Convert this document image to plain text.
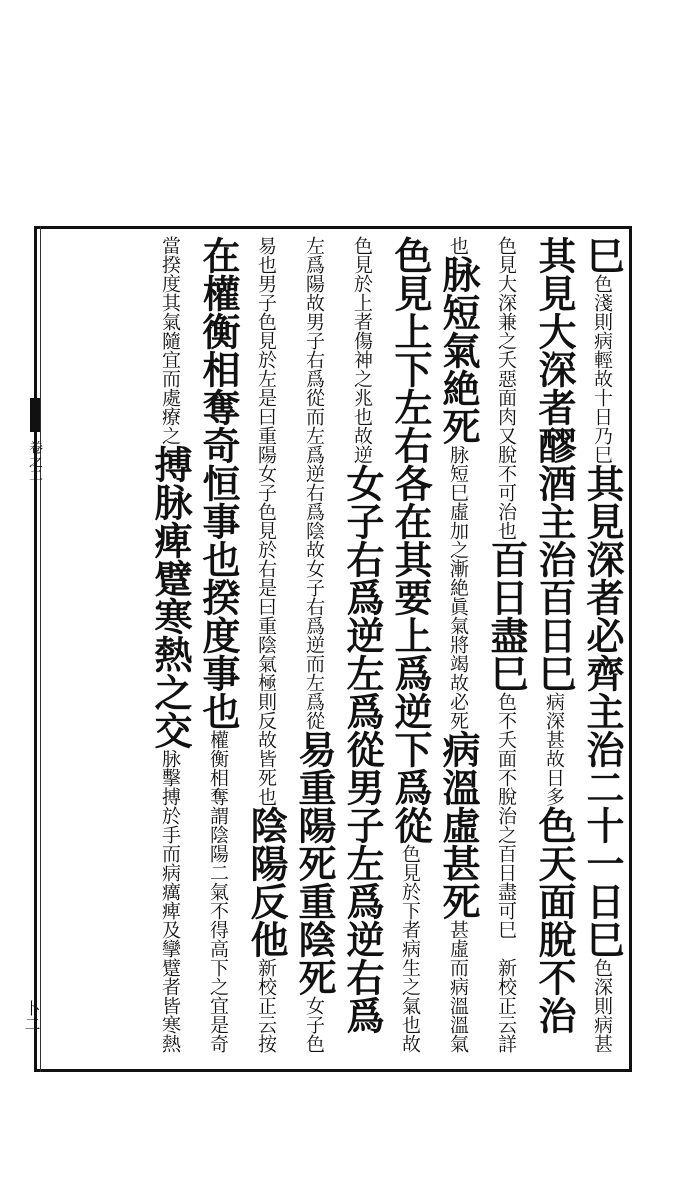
卷之二
卜二
巳色淺則病輕故十日乃巳其見深者必齊主治二十一日巳色深則病甚
其見大深者醪酒主治百日巳病深甚故日多色天面脫不治
色見大深兼之夭惡面肉又脫不可治也百日盡巳色不夭面不脫治之百日盡可巳　新校正云詳
也脉短氣絶死脉短巳虛加之漸絶眞氣將竭故必死病溫虛甚死甚虛而病溫溫氣
色見上下左右各在其要上爲逆下爲從色見於下者病生之氣也故
色見於上者傷神之兆也故逆女子右爲逆左爲從男子左爲逆右爲
左爲陽故男子右爲從而左爲逆右爲陰故女子右爲逆而左爲從易重陽死重陰死女子色
易也男子色見於左是曰重陽女子色見於右是曰重陰氣極則反故皆死也陰陽反他新校正云按
在權衡相奪奇恒事也揆度事也權衡相奪謂陰陽二氣不得高下之宜是奇
當揆度其氣隨宜而處療之搏脉痺躄寒熱之交脉擊搏於手而病癘痺及攣躄者皆寒熱
